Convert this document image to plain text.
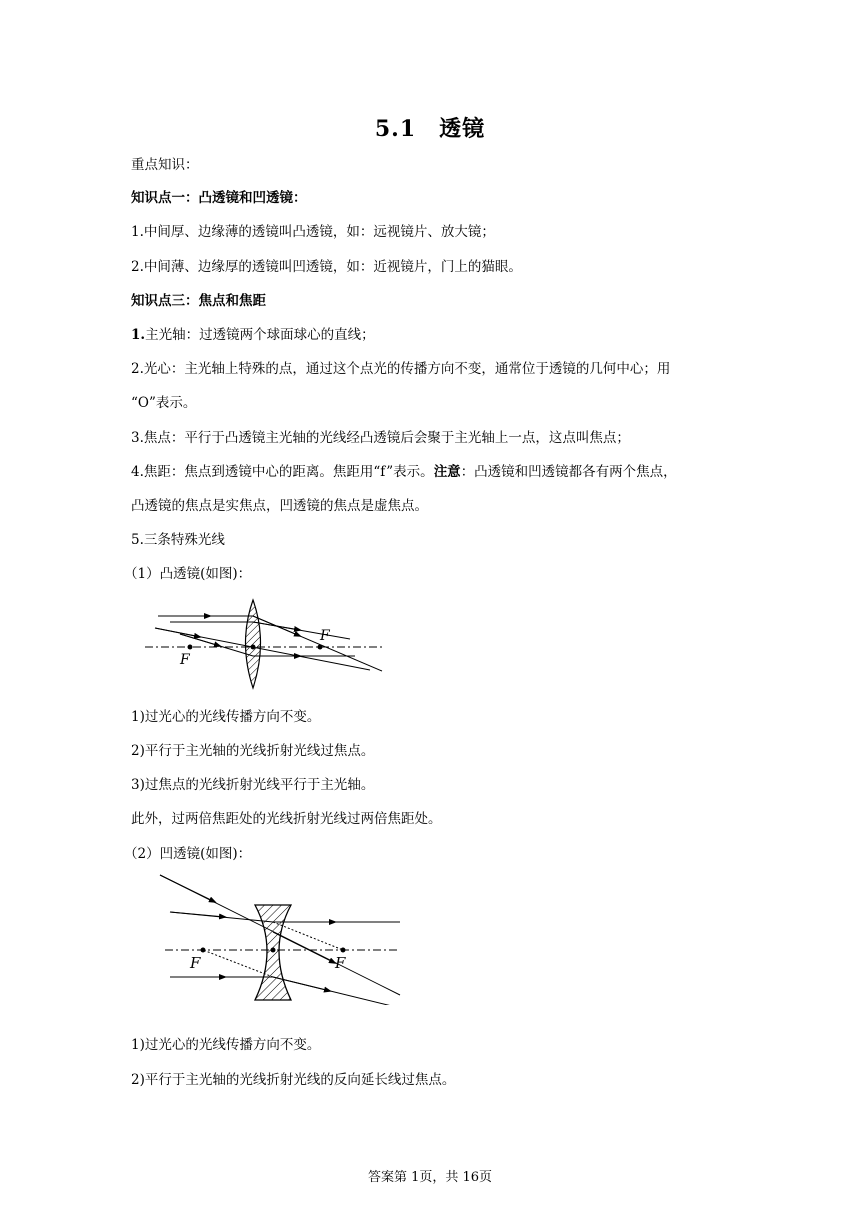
5.1　透镜
重点知识：
知识点一：凸透镜和凹透镜：
1.中间厚、边缘薄的透镜叫凸透镜，如：远视镜片、放大镜；
2.中间薄、边缘厚的透镜叫凹透镜，如：近视镜片，门上的猫眼。
知识点三：焦点和焦距
1.主光轴：过透镜两个球面球心的直线；
2.光心：主光轴上特殊的点，通过这个点光的传播方向不变，通常位于透镜的几何中心；用
“O”表示。
3.焦点：平行于凸透镜主光轴的光线经凸透镜后会聚于主光轴上一点，这点叫焦点；
4.焦距：焦点到透镜中心的距离。焦距用“f”表示。注意：凸透镜和凹透镜都各有两个焦点，
凸透镜的焦点是实焦点，凹透镜的焦点是虚焦点。
5.三条特殊光线
（1）凸透镜(如图)：
F
F
1)过光心的光线传播方向不变。
2)平行于主光轴的光线折射光线过焦点。
3)过焦点的光线折射光线平行于主光轴。
此外，过两倍焦距处的光线折射光线过两倍焦距处。
（2）凹透镜(如图)：
F	F
1)过光心的光线传播方向不变。
2)平行于主光轴的光线折射光线的反向延长线过焦点。
答案第 1页，共 16页
